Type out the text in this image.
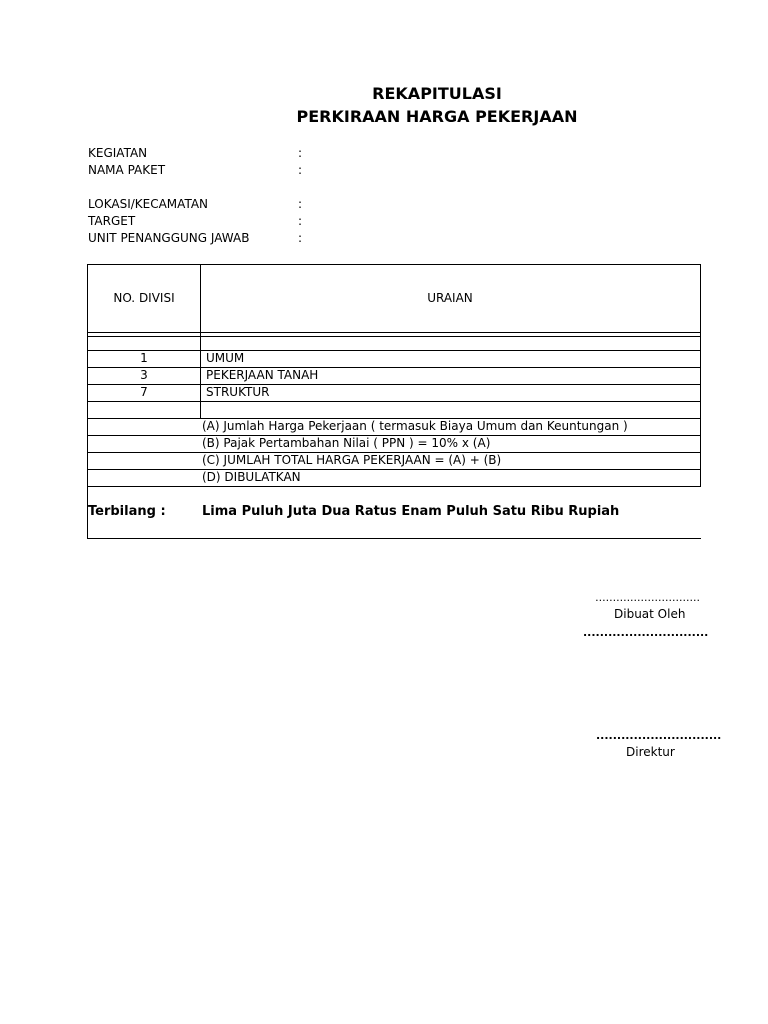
REKAPITULASI
PERKIRAAN HARGA PEKERJAAN
KEGIATAN	:
NAMA PAKET	:
LOKASI/KECAMATAN	:
TARGET	:
UNIT PENANGGUNG JAWAB	:
NO. DIVISI	URAIAN
1	UMUM
3	PEKERJAAN TANAH
7	STRUKTUR
(A) Jumlah Harga Pekerjaan ( termasuk Biaya Umum dan Keuntungan )
(B) Pajak Pertambahan Nilai ( PPN ) = 10% x (A)
(C) JUMLAH TOTAL HARGA PEKERJAAN = (A) + (B)
(D) DIBULATKAN
Terbilang :	Lima Puluh Juta Dua Ratus Enam Puluh Satu Ribu Rupiah
..............................
Dibuat Oleh
..............................
..............................
Direktur
